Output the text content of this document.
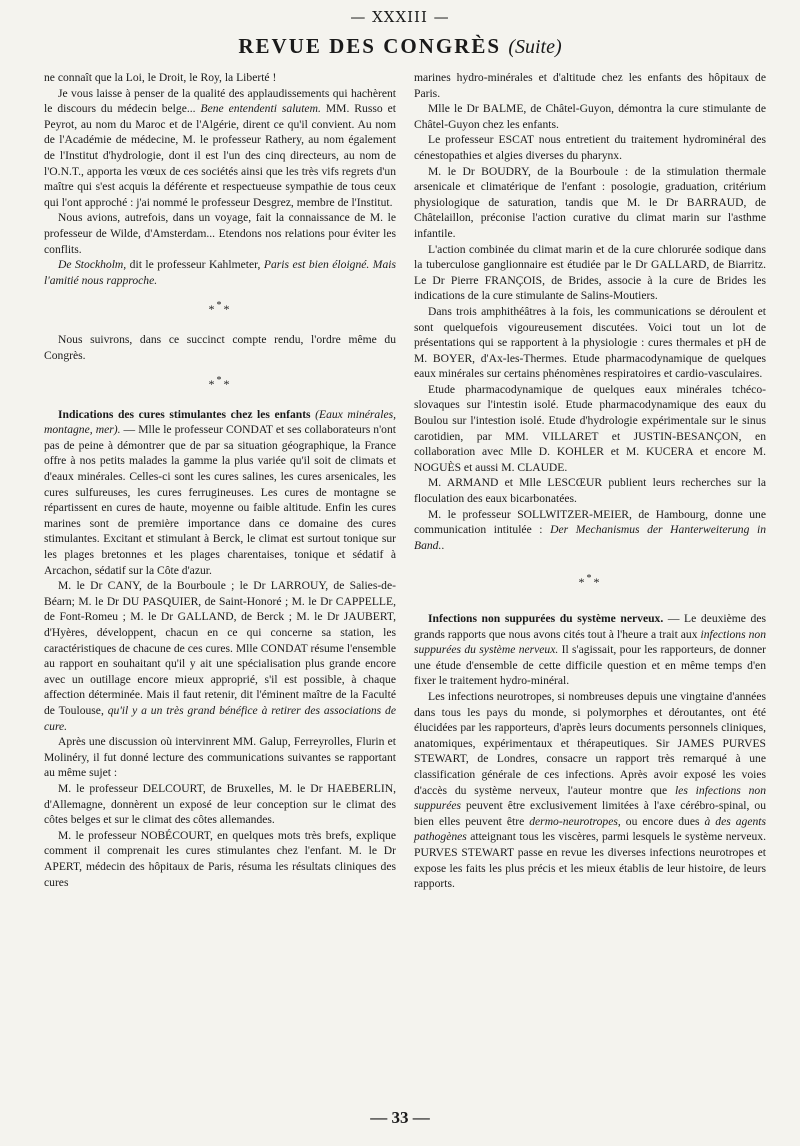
— XXXIII —
REVUE DES CONGRÈS (Suite)

ne connaît que la Loi, le Droit, le Roy, la Liberté !

Je vous laisse à penser de la qualité des applaudissements qui hachèrent le discours du médecin belge... Bene entendenti salutem. MM. Russo et Peyrot, au nom du Maroc et de l'Algérie, dirent ce qu'il convient. Au nom de l'Académie de médecine, M. le professeur Rathery, au nom également de l'Institut d'hydrologie, dont il est l'un des cinq directeurs, au nom de l'O.N.T., apporta les vœux de ces sociétés ainsi que les très vifs regrets d'un maître qui s'est acquis la déférente et respectueuse sympathie de tous ceux qui l'ont approché : j'ai nommé le professeur Desgrez, membre de l'Institut.

Nous avions, autrefois, dans un voyage, fait la connaissance de M. le professeur de Wilde, d'Amsterdam... Etendons nos relations pour éviter les conflits.

De Stockholm, dit le professeur Kahlmeter, Paris est bien éloigné. Mais l'amitié nous rapproche.

***

Nous suivrons, dans ce succinct compte rendu, l'ordre même du Congrès.

***

Indications des cures stimulantes chez les enfants (Eaux minérales, montagne, mer). — Mlle le professeur CONDAT et ses collaborateurs n'ont pas de peine à démontrer que de par sa situation géographique, la France offre à nos petits malades la gamme la plus variée qu'il soit de climats et d'eaux minérales. Celles-ci sont les cures salines, les cures arsenicales, les cures sulfureuses, les cures ferrugineuses. Les cures de montagne se répartissent en cures de haute, moyenne ou faible altitude. Enfin les cures marines sont de première importance dans ce domaine des cures stimulantes. Excitant et stimulant à Berck, le climat est surtout tonique sur les plages bretonnes et les plages charentaises, tonique et sédatif à Arcachon, sédatif sur la Côte d'azur.

M. le Dr CANY, de la Bourboule ; le Dr LARROUY, de Salies-de-Béarn; M. le Dr DU PASQUIER, de Saint-Honoré ; M. le Dr CAPPELLE, de Font-Romeu ; M. le Dr GALLAND, de Berck ; M. le Dr JAUBERT, d'Hyères, développent, chacun en ce qui concerne sa station, les caractéristiques de chacune de ces cures. Mlle CONDAT résume l'ensemble au rapport en souhaitant qu'il y ait une spécialisation plus grande encore avec un outillage encore mieux approprié, s'il est possible, à chaque affection déterminée. Mais il faut retenir, dit l'éminent maître de la Faculté de Toulouse, qu'il y a un très grand bénéfice à retirer des associations de cure.

Après une discussion où intervinrent MM. Galup, Ferreyrolles, Flurin et Molinéry, il fut donné lecture des communications suivantes se rapportant au même sujet :

M. le professeur DELCOURT, de Bruxelles, M. le Dr HAEBERLIN, d'Allemagne, donnèrent un exposé de leur conception sur le climat des côtes belges et sur le climat des côtes allemandes.

M. le professeur NOBÉCOURT, en quelques mots très brefs, explique comment il comprenait les cures stimulantes chez l'enfant. M. le Dr APERT, médecin des hôpitaux de Paris, résuma les résultats cliniques des cures

marines hydro-minérales et d'altitude chez les enfants des hôpitaux de Paris.

Mlle le Dr BALME, de Châtel-Guyon, démontra la cure stimulante de Châtel-Guyon chez les enfants.

Le professeur ESCAT nous entretient du traitement hydrominéral des cénestopathies et algies diverses du pharynx.

M. le Dr BOUDRY, de la Bourboule : de la stimulation thermale arsenicale et climatérique de l'enfant : posologie, graduation, critérium physiologique de saturation, tandis que M. le Dr BARRAUD, de Châtelaillon, préconise l'action curative du climat marin sur l'asthme infantile.

L'action combinée du climat marin et de la cure chlorurée sodique dans la tuberculose ganglionnaire est étudiée par le Dr GALLARD, de Biarritz. Le Dr Pierre FRANÇOIS, de Brides, associe à la cure de Brides les indications de la cure stimulante de Salins-Moutiers.

Dans trois amphithéâtres à la fois, les communications se déroulent et sont quelquefois vigoureusement discutées. Voici tout un lot de présentations qui se rapportent à la physiologie : cures thermales et pH de M. BOYER, d'Ax-les-Thermes. Etude pharmacodynamique de quelques eaux minérales sur certains phénomènes respiratoires et cardio-vasculaires.

Etude pharmacodynamique de quelques eaux minérales tchéco-slovaques sur l'intestin isolé. Etude pharmacodynamique des eaux du Boulou sur l'intestion isolé. Etude d'hydrologie expérimentale sur le sinus carotidien, par MM. VILLARET et JUSTIN-BESANÇON, en collaboration avec Mlle D. KOHLER et M. KUCERA et encore M. NOGUÈS et aussi M. CLAUDE.

M. ARMAND et Mlle LESCŒUR publient leurs recherches sur la floculation des eaux bicarbonatées.

M. le professeur SOLLWITZER-MEIER, de Hambourg, donne une communication intitulée : Der Mechanismus der Hanterweiterung in Band..

***

Infections non suppurées du système nerveux. — Le deuxième des grands rapports que nous avons cités tout à l'heure a trait aux infections non suppurées du système nerveux. Il s'agissait, pour les rapporteurs, de donner une étude d'ensemble de cette difficile question et en même temps d'en fixer le traitement hydro-minéral.

Les infections neurotropes, si nombreuses depuis une vingtaine d'années dans tous les pays du monde, si polymorphes et déroutantes, ont été élucidées par les rapporteurs, d'après leurs documents personnels cliniques, anatomiques, expérimentaux et thérapeutiques. Sir JAMES PURVES STEWART, de Londres, consacre un rapport très remarqué à une classification générale de ces infections. Après avoir exposé les voies d'accès du système nerveux, l'auteur montre que les infections non suppurées peuvent être exclusivement limitées à l'axe cérébro-spinal, ou bien elles peuvent être dermo-neurotropes, ou encore dues à des agents pathogènes atteignant tous les viscères, parmi lesquels le système nerveux. PURVES STEWART passe en revue les diverses infections neurotropes et expose les faits les plus précis et les mieux établis de leur histoire, de leurs rapports.

— 33 —
